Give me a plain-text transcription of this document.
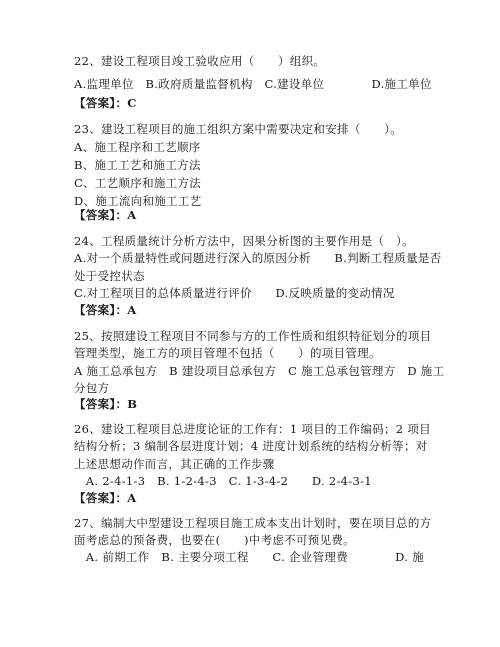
22、建设工程项目竣工验收应用（　　）组织。
A.监理单位　B.政府质量监督机构　C.建设单位　　　　D.施工单位
【答案】：C
23、建设工程项目的施工组织方案中需要决定和安排（　　）。
A、施工程序和工艺顺序
B、施工工艺和施工方法
C、工艺顺序和施工方法
D、施工流向和施工工艺
【答案】：A
24、工程质量统计分析方法中，因果分析图的主要作用是（　）。
A.对一个质量特性或问题进行深入的原因分析　　B.判断工程质量是否
处于受控状态
C.对工程项目的总体质量进行评价　　D.反映质量的变动情况
【答案】：A
25、按照建设工程项目不同参与方的工作性质和组织特征划分的项目
管理类型，施工方的项目管理不包括（　　）的项目管理。
A 施工总承包方　B 建设项目总承包方　C 施工总承包管理方　D 施工
分包方
【答案】：B
26、建设工程项目总进度论证的工作有：1 项目的工作编码；2 项目
结构分析；3 编制各层进度计划；4 进度计划系统的结构分析等；对
上述思想动作而言，其正确的工作步骤
　A. 2-4-1-3　B. 1-2-4-3　C. 1-3-4-2　　D. 2-4-3-1
【答案】：A
27、编制大中型建设工程项目施工成本支出计划时，要在项目总的方
面考虑总的预备费，也要在(　　)中考虑不可预见费。
　A. 前期工作　B. 主要分项工程　　C. 企业管理费　　　　D. 施
